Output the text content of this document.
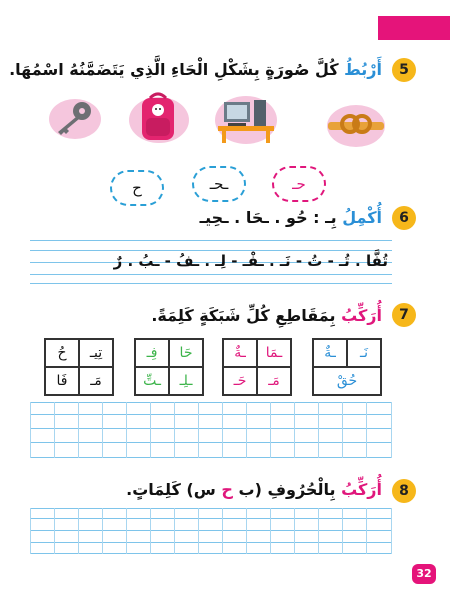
5
أَرْبُطُ كُلَّ صُورَةٍ بِشَكْلِ الْحَاءِ الَّذِي يَتَضَمَّنُهُ اسْمُهَا.
حـ
ـحـ
ح
6
أُكْمِلُ بِـ : حُو . ـحَا . ـحِيـ
تُفَّا . تُـ - تُ - نَـ . ـفْـ - لِـ . ـفُ - ـبُ . رٌ
7
أُرَكِّبُ بِمَقَاطِعِ كُلِّ شَبَكَةٍ كَلِمَةً.
حُ	تِيـ
فَا	مَـ
فِـ	حَا
ـتِّ	ـلِـ
ـةٌ	ـمَا
حَـ	مَـ
ـةٌ	نَـ
حُقْ
8
أُرَكِّبُ بِالْحُرُوفِ (ب ح س) كَلِمَاتٍ.
32
